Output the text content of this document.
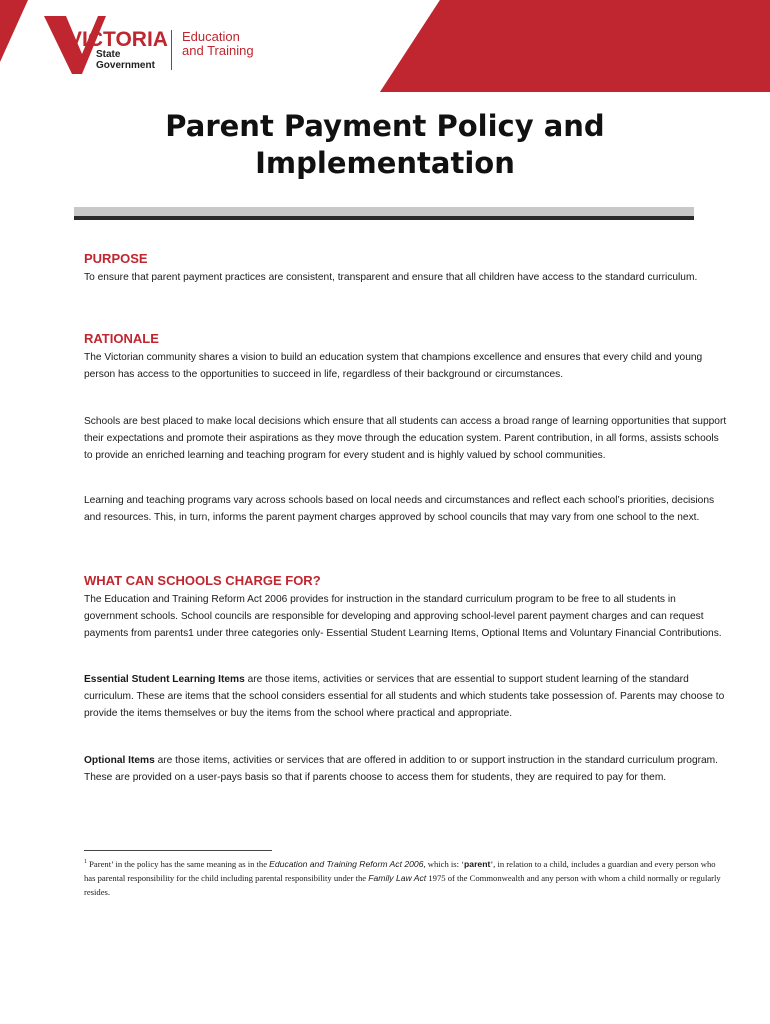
VICTORIA
State
Government
Education
and Training
Parent Payment Policy and
Implementation
PURPOSE
To ensure that parent payment practices are consistent, transparent and ensure that all children have access to the standard curriculum.
RATIONALE
The Victorian community shares a vision to build an education system that champions excellence and ensures that every child and young person has access to the opportunities to succeed in life, regardless of their background or circumstances.
Schools are best placed to make local decisions which ensure that all students can access a broad range of learning opportunities that support their expectations and promote their aspirations as they move through the education system. Parent contribution, in all forms, assists schools to provide an enriched learning and teaching program for every student and is highly valued by school communities.
Learning and teaching programs vary across schools based on local needs and circumstances and reflect each school’s priorities, decisions and resources. This, in turn, informs the parent payment charges approved by school councils that may vary from one school to the next.
WHAT CAN SCHOOLS CHARGE FOR?
The Education and Training Reform Act 2006 provides for instruction in the standard curriculum program to be free to all students in government schools. School councils are responsible for developing and approving school-level parent payment charges and can request payments from parents1 under three categories only- Essential Student Learning Items, Optional Items and Voluntary Financial Contributions.
Essential Student Learning Items are those items, activities or services that are essential to support student learning of the standard curriculum. These are items that the school considers essential for all students and which students take possession of. Parents may choose to provide the items themselves or buy the items from the school where practical and appropriate.
Optional Items are those items, activities or services that are offered in addition to or support instruction in the standard curriculum program. These are provided on a user-pays basis so that if parents choose to access them for students, they are required to pay for them.
$^1$ Parent’ in the policy has the same meaning as in the Education and Training Reform Act 2006, which is: ‘parent’, in relation to a child, includes a guardian and every person who has parental responsibility for the child including parental responsibility under the Family Law Act 1975 of the Commonwealth and any person with whom a child normally or regularly resides.
